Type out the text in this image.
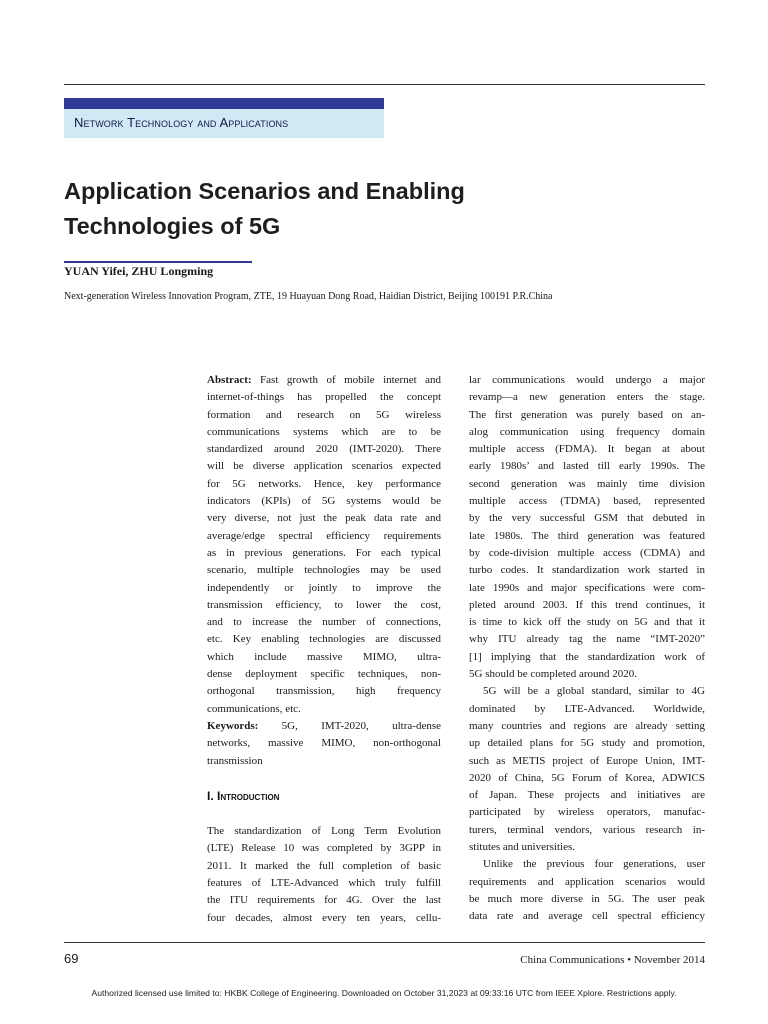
Network Technology and Applications
Application Scenarios and Enabling
Technologies of 5G
YUAN Yifei, ZHU Longming
Next-generation Wireless Innovation Program, ZTE, 19 Huayuan Dong Road, Haidian District, Beijing 100191 P.R.China
Abstract: Fast growth of mobile internet and
internet-of-things has propelled the concept
formation and research on 5G wireless
communications systems which are to be
standardized around 2020 (IMT-2020). There
will be diverse application scenarios expected
for 5G networks. Hence, key performance
indicators (KPIs) of 5G systems would be
very diverse, not just the peak data rate and
average/edge spectral efficiency requirements
as in previous generations. For each typical
scenario, multiple technologies may be used
independently or jointly to improve the
transmission efficiency, to lower the cost,
and to increase the number of connections,
etc. Key enabling technologies are discussed
which include massive MIMO, ultra-
dense deployment specific techniques, non-
orthogonal transmission, high frequency
communications, etc.
Keywords: 5G, IMT-2020, ultra-dense
networks, massive MIMO, non-orthogonal
transmission
I. Introduction
The standardization of Long Term Evolution
(LTE) Release 10 was completed by 3GPP in
2011. It marked the full completion of basic
features of LTE-Advanced which truly fulfill
the ITU requirements for 4G. Over the last
four decades, almost every ten years, cellu-
lar communications would undergo a major
revamp—a new generation enters the stage.
The first generation was purely based on an-
alog communication using frequency domain
multiple access (FDMA). It began at about
early 1980s’ and lasted till early 1990s. The
second generation was mainly time division
multiple access (TDMA) based, represented
by the very successful GSM that debuted in
late 1980s. The third generation was featured
by code-division multiple access (CDMA) and
turbo codes. It standardization work started in
late 1990s and major specifications were com-
pleted around 2003. If this trend continues, it
is time to kick off the study on 5G and that it
why ITU already tag the name “IMT-2020”
[1] implying that the standardization work of
5G should be completed around 2020.
5G will be a global standard, similar to 4G
dominated by LTE-Advanced. Worldwide,
many countries and regions are already setting
up detailed plans for 5G study and promotion,
such as METIS project of Europe Union, IMT-
2020 of China, 5G Forum of Korea, ADWICS
of Japan. These projects and initiatives are
participated by wireless operators, manufac-
turers, terminal vendors, various research in-
stitutes and universities.
Unlike the previous four generations, user
requirements and application scenarios would
be much more diverse in 5G. The user peak
data rate and average cell spectral efficiency
69	China Communications • November 2014
Authorized licensed use limited to: HKBK College of Engineering. Downloaded on October 31,2023 at 09:33:16 UTC from IEEE Xplore. Restrictions apply.
